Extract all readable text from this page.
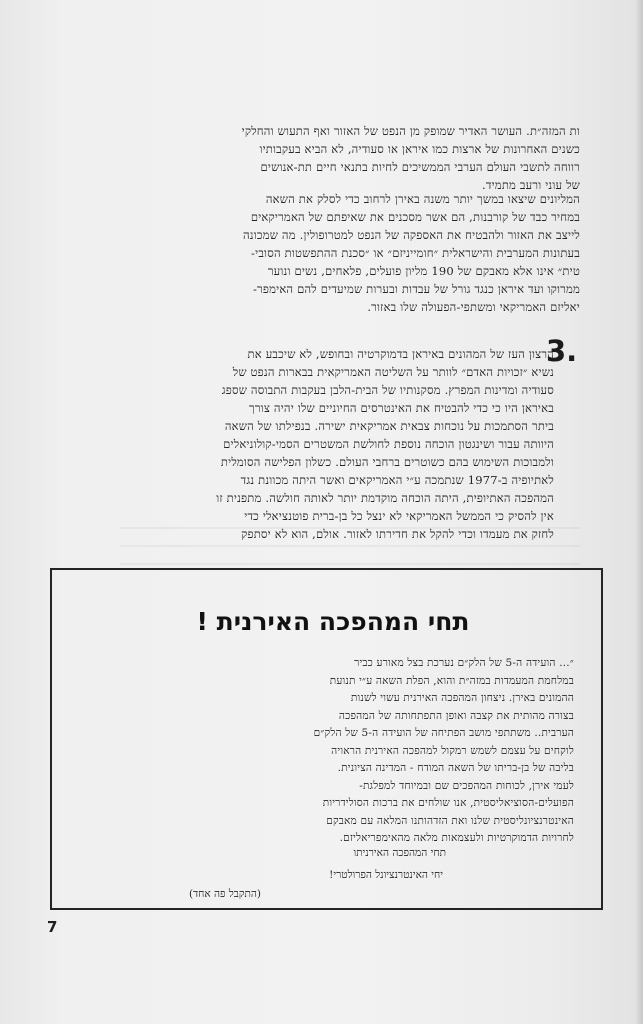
ות המזה״ת. העושר האדיר שמופק מן הנפט של האזור ואף התעוש והחלקי
כשנים האחרונות של ארצות כמו איראן או סעודיה, לא הביא בעקבותיו
רווחה לתשבי העולם הערבי הממשיכים לחיות בתנאי חיים תת-אנושים
של עוני ורעב מתמיד.
המליונים שיצאו במשך יותר משנה באירן לרחוב כדי לסלק את השאה
במחיר כבד של קורבנות, הם אשר מסכנים את שאיפתם של האמריקאים
לייצב את האזור ולהבטיח את האספקה של הנפט למטרופולין. מה שמכונה
בעתונות המערבית והישראלית ״חומייניזם״ או ״סכנת ההתפשטות הסובי-
טית״ אינו אלא מאבקם של 190 מליון פועלים, פלאחים, נשים ונוער
ממרוקו ועד איראן כנגד גורל של עבדות ובערות שמיעדים להם האימפר-
יאליזם האמריקאי ומשתפי-הפעולה שלו באזור.
3.
הרצון העז של המהונים באיראן בדמוקרטיה ובחופש, לא שיכבע את
נשיא ״זכויות האדם״ לוותר על השליטה האמריקאית בבארות הנפט של
סעודיה ומדינות המפרץ. מסקנותיו של הבית-הלבן בעקבות התבוסה שספג
באיראן היו כי כדי להבטיח את האינטרסים החיוניים שלו יהיה צורך
ביתר הסתמכות על נוכחות צבאית אמריקאית ישירה. בנפילתו של השאה
היוותה עבור ושינגטון הוכחה נוספת לחולשת המשטרים הסמי-קולוניאלים
ולמבוכות השימוש בהם כשוטרים ברחבי העולם. כשלון הפלישה הסומלית
לאתיופיה ב-1977 שנתמכה ע״י האמריקאים ואשר היתה מכוונת נגד
המהפכה האתיופית, היתה הוכחה מוקדמת יותר לאותה חולשה. מתפנית זו
אין להסיק כי הממשל האמריקאי לא ינצל כל בן-ברית פוטנציאלי כדי
לחזק את מעמדו וכדי להקל את חדירתו לאזור. אולם, הוא לא יסתפק
תחי המהפכה האירנית !
״... הועידה ה-5 של הלק״ם נערכת בצל מאורע כביר
במלחמת המעמדות במזה״ת והוא, הפלת השאה ע״י תנועת
ההמונים באירן. ניצחון המהפכה האירנית עשוי לשנות
בצורה מהותית את קצבה ואופן התפתחותה של המהפכה
הערבית.. משתתפי מושב הפתיחה של הועידה ה-5 של הלק״ם
לוקחים על עצמם לשמש רמקול למהפכה האירנית הראויה
בליבה של בן-בריתו של השאה המודח - המדינה הציונית.
לעמי אירן, לכוחות המהפכים שם ובמיוחד למפלגת-
הפועלים-הסוציאליסטית, אנו שולחים את ברכות הסולידריות
האינטרנציונליסטית שלנו ואת הזדהותנו המלאה עם מאבקם
לחרויות הדמוקרטיות ולעצמאות מלאה מהאימפריאליזם.
תחי המהפכה האירניתו
יחי האינטרנציונל הפרולטרי!
(התקבל פה אחד)
7
